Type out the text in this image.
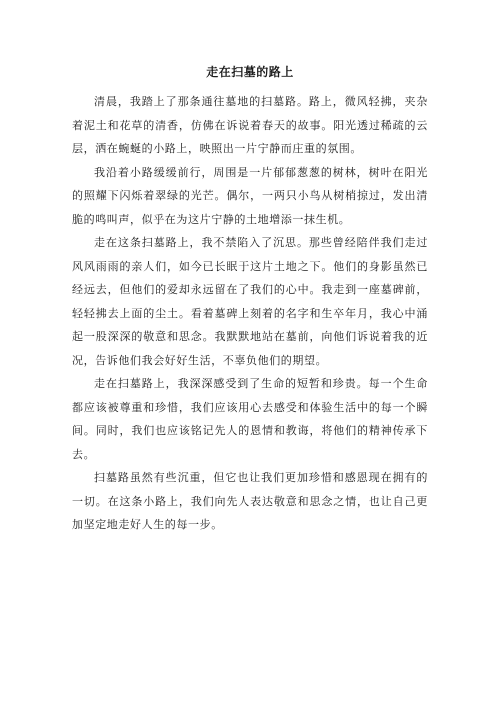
走在扫墓的路上

清晨，我踏上了那条通往墓地的扫墓路。路上，微风轻拂，夹杂着泥土和花草的清香，仿佛在诉说着春天的故事。阳光透过稀疏的云层，洒在蜿蜒的小路上，映照出一片宁静而庄重的氛围。

我沿着小路缓缓前行，周围是一片郁郁葱葱的树林，树叶在阳光的照耀下闪烁着翠绿的光芒。偶尔，一两只小鸟从树梢掠过，发出清脆的鸣叫声，似乎在为这片宁静的土地增添一抹生机。

走在这条扫墓路上，我不禁陷入了沉思。那些曾经陪伴我们走过风风雨雨的亲人们，如今已长眠于这片土地之下。他们的身影虽然已经远去，但他们的爱却永远留在了我们的心中。我走到一座墓碑前，轻轻拂去上面的尘土。看着墓碑上刻着的名字和生卒年月，我心中涌起一股深深的敬意和思念。我默默地站在墓前，向他们诉说着我的近况，告诉他们我会好好生活，不辜负他们的期望。

走在扫墓路上，我深深感受到了生命的短暂和珍贵。每一个生命都应该被尊重和珍惜，我们应该用心去感受和体验生活中的每一个瞬间。同时，我们也应该铭记先人的恩情和教诲，将他们的精神传承下去。

扫墓路虽然有些沉重，但它也让我们更加珍惜和感恩现在拥有的一切。在这条小路上，我们向先人表达敬意和思念之情，也让自己更加坚定地走好人生的每一步。
